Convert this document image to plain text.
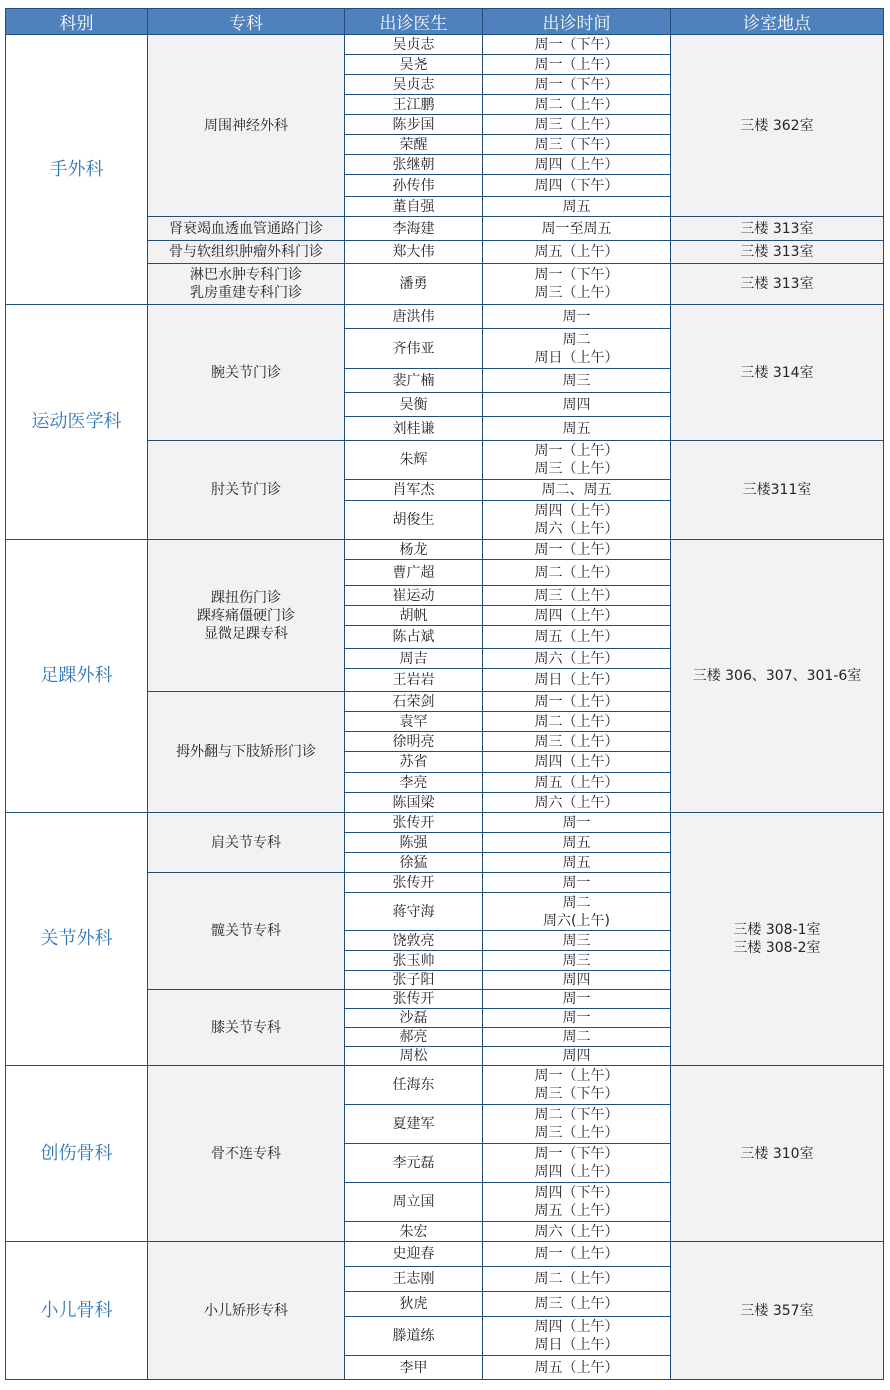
科别	专科	出诊医生	出诊时间	诊室地点
手外科	周围神经外科	吴贞志	周一（下午）	三楼 362室

		吴尧	周一（上午）	

		吴贞志	周一（下午）	

		王江鹏	周二（上午）	

		陈步国	周三（上午）	

		荣醒	周三（下午）	

		张继朝	周四（上午）	

		孙传伟	周四（下午）	

		董自强	周五	

	肾衰竭血透血管通路门诊	李海建	周一至周五	三楼 313室

	骨与软组织肿瘤外科门诊	郑大伟	周五（上午）	三楼 313室

	淋巴水肿专科门诊
乳房重建专科门诊	潘勇	周一（下午）
周三（上午）	三楼 313室

运动医学科	腕关节门诊	唐洪伟	周一	三楼 314室

		齐伟亚	周二
周日（上午）	

		裴广楠	周三	

		吴衡	周四	

		刘桂谦	周五	

	肘关节门诊	朱辉	周一（上午）
周三（上午）	三楼311室

		肖军杰	周二、周五	

		胡俊生	周四（上午）
周六（上午）	

足踝外科	踝扭伤门诊
踝疼痛僵硬门诊
显微足踝专科	杨龙	周一（上午）	三楼 306、307、301-6室

		曹广超	周二（上午）	

		崔运动	周三（上午）	

		胡帆	周四（上午）	

		陈占斌	周五（上午）	

		周吉	周六（上午）	

		王岩岩	周日（上午）	

	拇外翻与下肢矫形门诊	石荣剑	周一（上午）	

		袁罕	周二（上午）	

		徐明亮	周三（上午）	

		苏省	周四（上午）	

		李亮	周五（上午）	

		陈国梁	周六（上午）	

关节外科	肩关节专科	张传开	周一	三楼 308-1室
三楼 308-2室

		陈强	周五	

		徐猛	周五	

	髋关节专科	张传开	周一	

		蒋守海	周二
周六(上午)	

		饶敦亮	周三	

		张玉帅	周三	

		张子阳	周四	

	膝关节专科	张传开	周一	

		沙磊	周一	

		郝亮	周二	

		周松	周四	

创伤骨科	骨不连专科	任海东	周一（上午）
周三（下午）	三楼 310室

		夏建军	周二（下午）
周三（上午）	

		李元磊	周一（下午）
周四（上午）	

		周立国	周四（下午）
周五（上午）	

		朱宏	周六（上午）	

小儿骨科	小儿矫形专科	史迎春	周一（上午）	三楼 357室

		王志刚	周二（上午）	

		狄虎	周三（上午）	

		滕道练	周四（上午）
周日（上午）	

		李甲	周五（上午）	
